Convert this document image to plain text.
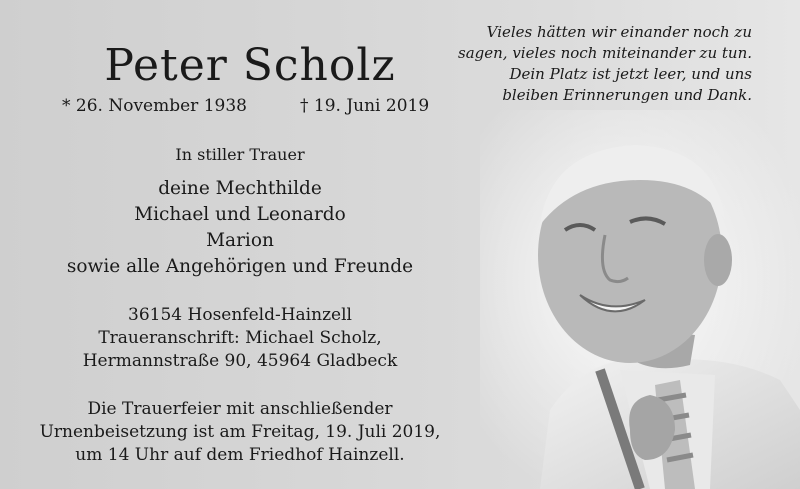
Vieles hätten wir einander noch zu
sagen, vieles noch miteinander zu tun.
Dein Platz ist jetzt leer, und uns
bleiben Erinnerungen und Dank.
Peter Scholz
* 26. November 1938	† 19. Juni 2019
In stiller Trauer
deine Mechthilde
Michael und Leonardo
Marion
sowie alle Angehörigen und Freunde
36154 Hosenfeld-Hainzell
Traueranschrift: Michael Scholz,
Hermannstraße 90, 45964 Gladbeck
Die Trauerfeier mit anschließender
Urnenbeisetzung ist am Freitag, 19. Juli 2019,
um 14 Uhr auf dem Friedhof Hainzell.
